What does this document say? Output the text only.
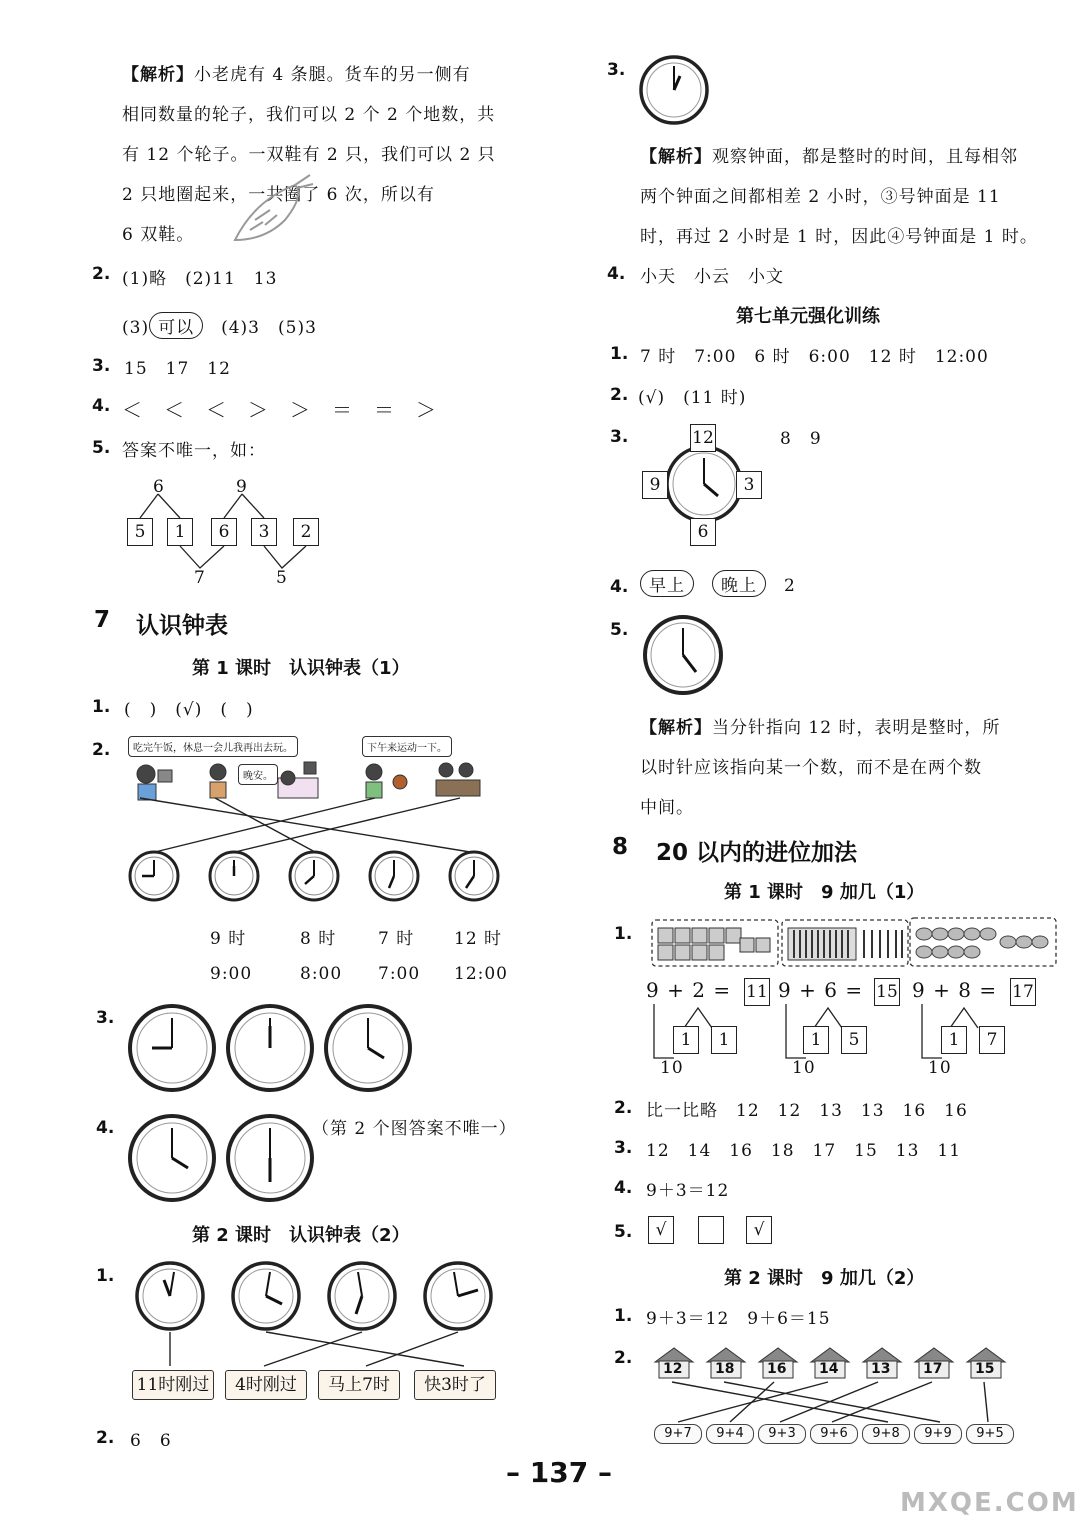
【解析】小老虎有 4 条腿。货车的另一侧有
相同数量的轮子，我们可以 2 个 2 个地数，共
有 12 个轮子。一双鞋有 2 只，我们可以 2 只
2 只地圈起来，一共圈了 6 次，所以有
6 双鞋。
2. (1)略　(2)11　13
(3) 可以　 (4)3　(5)3
3. 15　17　12
4. ＜　＜　＜　＞　＞　＝　＝　＞
5. 答案不唯一，如：
6	9
5	1	6	3	2
7	5
7 认识钟表
第 1 课时　认识钟表（1）
1. (　)　(√)　(　)
2.	吃完午饭，休息一会儿我再出去玩。
晚安。
下午来运动一下。
9 时	8 时 7 时 12 时
9:00	8:00 7:00 12:00
3.
4.	（第 2 个图答案不唯一）
第 2 课时　认识钟表（2）
1.
11时刚过	4时刚过	马上7时	快3时了
2. 6　6
3.
【解析】观察钟面，都是整时的时间，且每相邻
两个钟面之间都相差 2 小时，③号钟面是 11
时，再过 2 小时是 1 时，因此④号钟面是 1 时。
4. 小天　小云　小文
第七单元强化训练
1. 7 时　7:00　6 时　6:00　12 时　12:00
2. (√)　(11 时)
3.	12
9	3
6
8　9
4.	早上　 晚上　 2
5.
【解析】当分针指向 12 时，表明是整时，所
以时针应该指向某一个数，而不是在两个数
中间。
8 20 以内的进位加法
第 1 课时　9 加几（1）
1.
9 + 2 = 11 9 + 6 = 15 9 + 8 = 17
1	1	1	5	1	7
10	10	10
2. 比一比略　12　12　13　13　16　16
3. 12　14　16　18　17　15　13　11
4. 9＋3＝12
5.	√	√
第 2 课时　9 加几（2）
1. 9＋3＝12　9＋6＝15
2.
12 18 16 14 13 17 15
9+7	9+4	9+3	9+6	9+8	9+9	9+5
– 137 –
MXQE.COM
